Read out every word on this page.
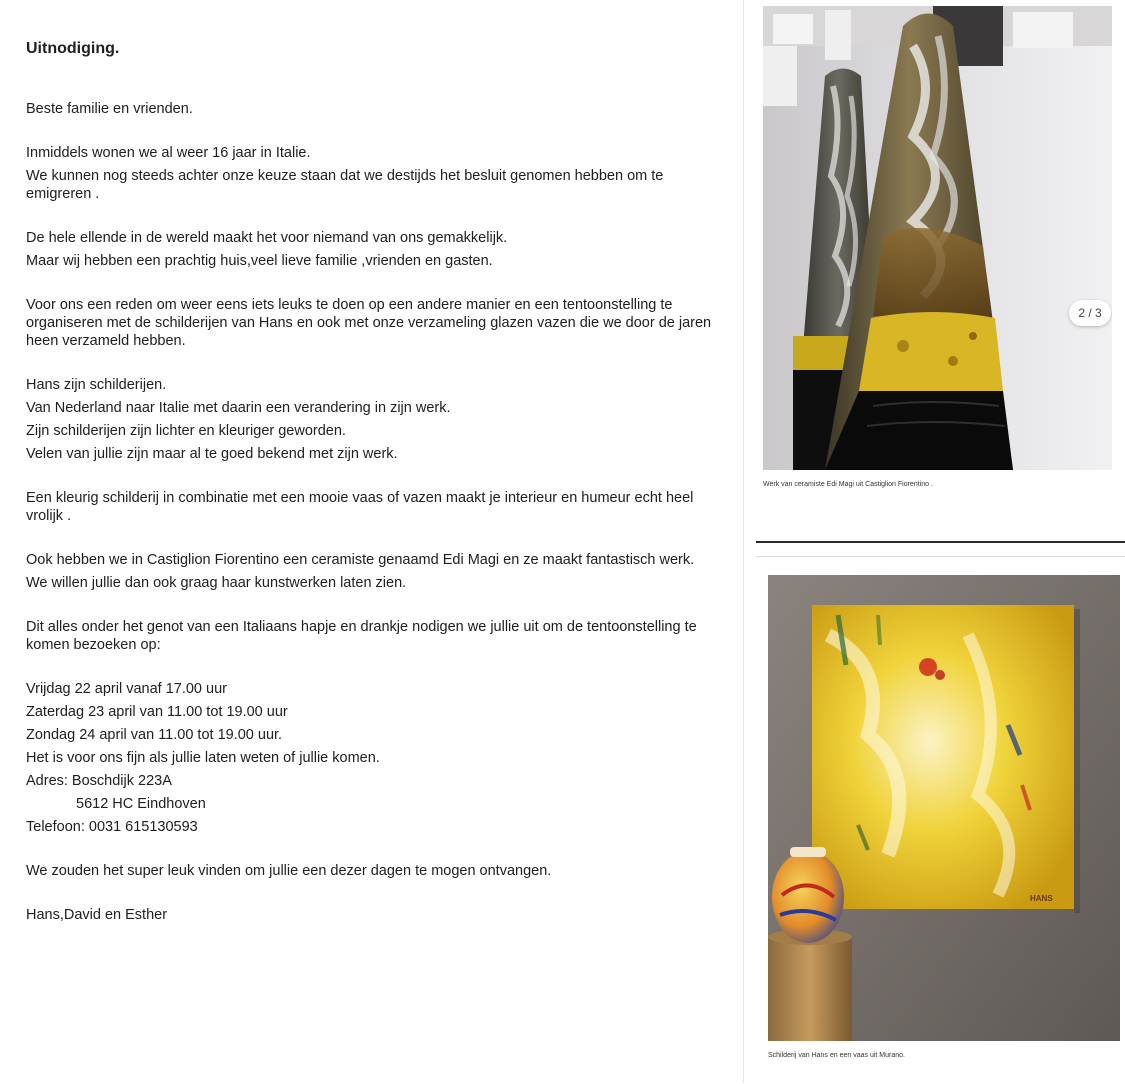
Uitnodiging.

Beste familie en vrienden.

Inmiddels wonen we al weer 16 jaar in Italie.

We kunnen nog steeds achter onze keuze staan dat we destijds het besluit genomen hebben om te emigreren .

De hele ellende in de wereld maakt het voor niemand van ons gemakkelijk.

Maar wij hebben een prachtig huis,veel lieve familie ,vrienden en gasten.

Voor ons een reden om weer eens iets leuks te doen op een andere manier en een tentoonstelling te organiseren met de schilderijen van Hans en ook met onze verzameling glazen vazen die we door de jaren heen verzameld hebben.

Hans zijn schilderijen.

Van Nederland naar Italie met daarin een verandering in zijn werk.

Zijn schilderijen zijn lichter en kleuriger geworden.

Velen van jullie zijn maar al te goed bekend met zijn werk.

Een kleurig schilderij in combinatie met een mooie vaas of vazen maakt je interieur en humeur echt heel vrolijk .

Ook hebben we in Castiglion Fiorentino een ceramiste genaamd Edi Magi en ze maakt fantastisch werk.

We willen jullie dan ook graag haar kunstwerken laten zien.

Dit alles onder het genot van een Italiaans hapje en drankje nodigen we jullie uit om de tentoonstelling te komen bezoeken op:

Vrijdag 22 april vanaf 17.00 uur

Zaterdag 23 april van 11.00 tot 19.00 uur

Zondag 24 april van 11.00 tot 19.00 uur.

Het is voor ons fijn als jullie laten weten of jullie komen.

Adres: Boschdijk 223A

5612 HC Eindhoven

Telefoon: 0031 615130593

We zouden het super leuk vinden om jullie een dezer dagen te mogen ontvangen.

Hans,David en Esther

2 / 3
Werk van ceramiste Edi Magi uit Castiglion Fiorentino .
HANS
Schilderij van Hans en een vaas uit Murano.
